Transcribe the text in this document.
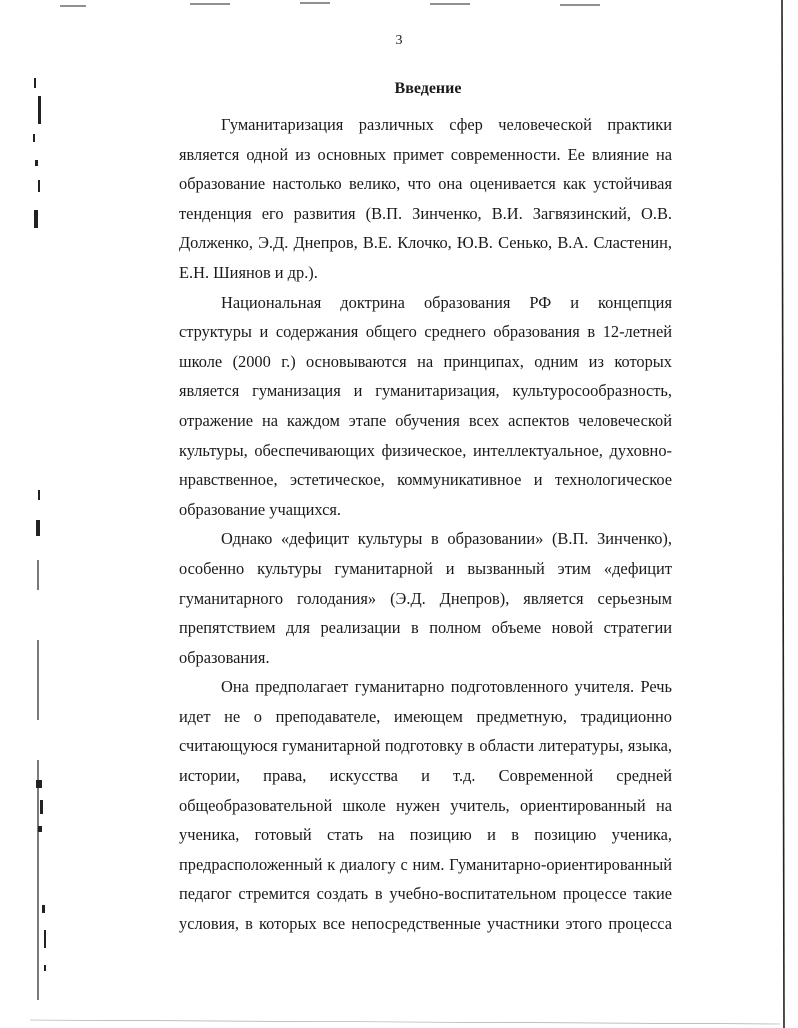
3
Введение
Гуманитаризация различных сфер человеческой практики
является одной из основных примет современности. Ее влияние на
образование настолько велико, что она оценивается как устойчивая
тенденция его развития (В.П. Зинченко, В.И. Загвязинский, О.В.
Долженко, Э.Д. Днепров, В.Е. Клочко, Ю.В. Сенько, В.А. Сластенин,
Е.Н. Шиянов и др.).
Национальная доктрина образования РФ и концепция
структуры и содержания общего среднего образования в 12-летней
школе (2000 г.) основываются на принципах, одним из которых
является гуманизация и гуманитаризация, культуросообразность,
отражение на каждом этапе обучения всех аспектов человеческой
культуры, обеспечивающих физическое, интеллектуальное, духовно-
нравственное, эстетическое, коммуникативное и технологическое
образование учащихся.
Однако «дефицит культуры в образовании» (В.П. Зинченко),
особенно культуры гуманитарной и вызванный этим «дефицит
гуманитарного голодания» (Э.Д. Днепров), является серьезным
препятствием для реализации в полном объеме новой стратегии
образования.
Она предполагает гуманитарно подготовленного учителя. Речь
идет не о преподавателе, имеющем предметную, традиционно
считающуюся гуманитарной подготовку в области литературы, языка,
истории, права, искусства и т.д. Современной средней
общеобразовательной школе нужен учитель, ориентированный на
ученика, готовый стать на позицию и в позицию ученика,
предрасположенный к диалогу с ним. Гуманитарно-ориентированный
педагог стремится создать в учебно-воспитательном процессе такие
условия, в которых все непосредственные участники этого процесса
